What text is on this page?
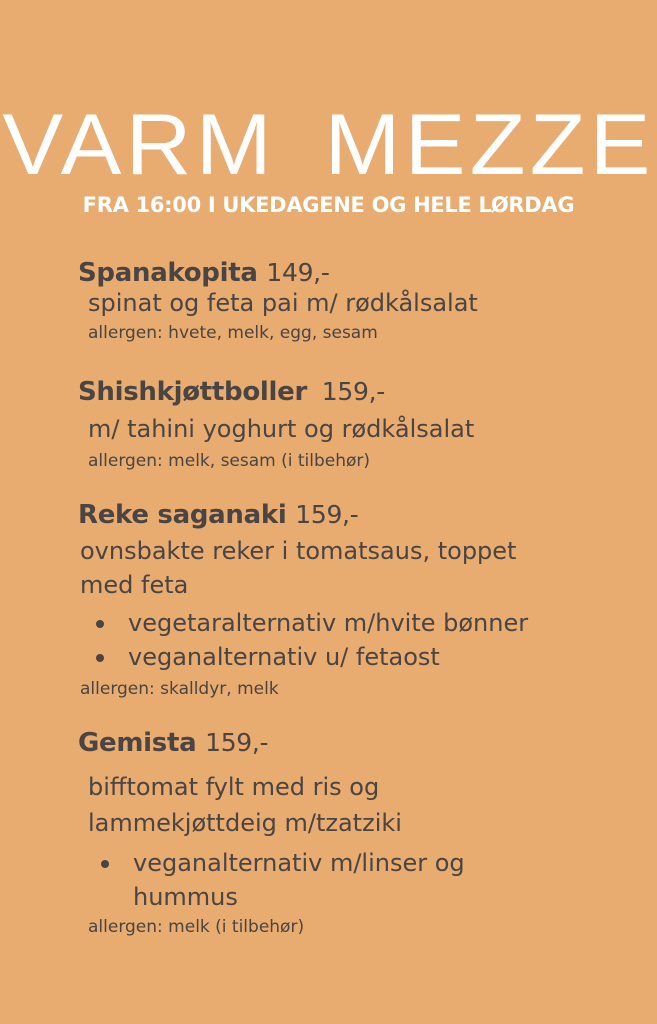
VARM MEZZE
FRA 16:00 I UKEDAGENE OG HELE LØRDAG
Spanakopita 149,-
spinat og feta pai m/ rødkålsalat
allergen: hvete, melk, egg, sesam
Shishkjøttboller 159,-
m/ tahini yoghurt og rødkålsalat
allergen: melk, sesam (i tilbehør)
Reke saganaki 159,-
ovnsbakte reker i tomatsaus, toppet
med feta
vegetaralternativ m/hvite bønner
veganalternativ u/ fetaost
allergen: skalldyr, melk
Gemista 159,-
bifftomat fylt med ris og
lammekjøttdeig m/tzatziki
veganalternativ m/linser og
hummus
allergen: melk (i tilbehør)
